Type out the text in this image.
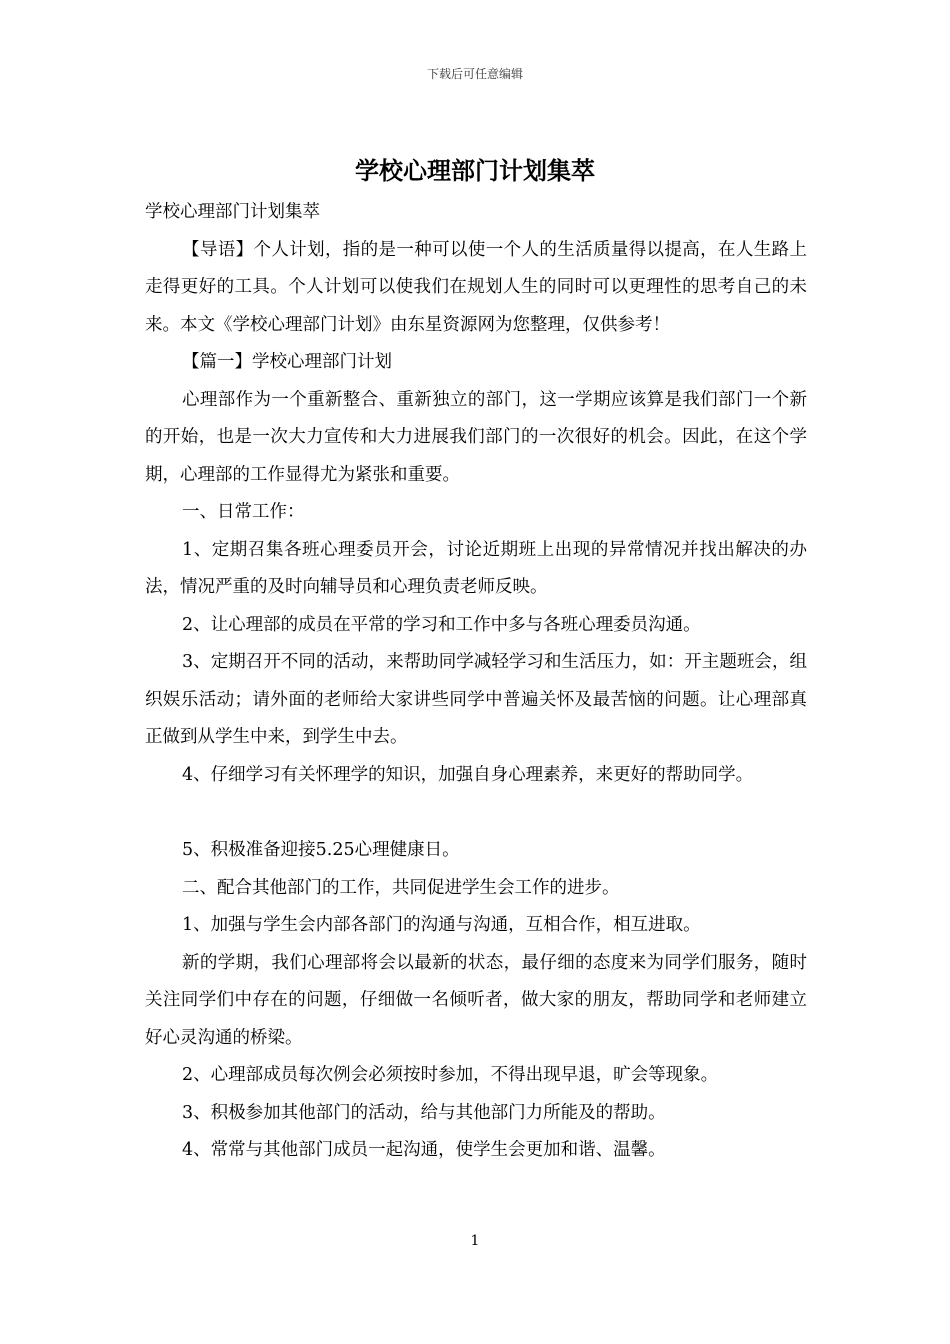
下载后可任意编辑
学校心理部门计划集萃

学校心理部门计划集萃

【导语】个人计划，指的是一种可以使一个人的生活质量得以提高，在人生路上走得更好的工具。个人计划可以使我们在规划人生的同时可以更理性的思考自己的未来。本文《学校心理部门计划》由东星资源网为您整理，仅供参考！

【篇一】学校心理部门计划

心理部作为一个重新整合、重新独立的部门，这一学期应该算是我们部门一个新的开始，也是一次大力宣传和大力进展我们部门的一次很好的机会。因此，在这个学期，心理部的工作显得尤为紧张和重要。

一、日常工作：

1、定期召集各班心理委员开会，讨论近期班上出现的异常情况并找出解决的办法，情况严重的及时向辅导员和心理负责老师反映。

2、让心理部的成员在平常的学习和工作中多与各班心理委员沟通。

3、定期召开不同的活动，来帮助同学减轻学习和生活压力，如：开主题班会，组织娱乐活动；请外面的老师给大家讲些同学中普遍关怀及最苦恼的问题。让心理部真正做到从学生中来，到学生中去。

4、仔细学习有关怀理学的知识，加强自身心理素养，来更好的帮助同学。

5、积极准备迎接5.25心理健康日。

二、配合其他部门的工作，共同促进学生会工作的进步。

1、加强与学生会内部各部门的沟通与沟通，互相合作，相互进取。

新的学期，我们心理部将会以最新的状态，最仔细的态度来为同学们服务，随时关注同学们中存在的问题，仔细做一名倾听者，做大家的朋友，帮助同学和老师建立好心灵沟通的桥梁。

2、心理部成员每次例会必须按时参加，不得出现早退，旷会等现象。

3、积极参加其他部门的活动，给与其他部门力所能及的帮助。

4、常常与其他部门成员一起沟通，使学生会更加和谐、温馨。

1
